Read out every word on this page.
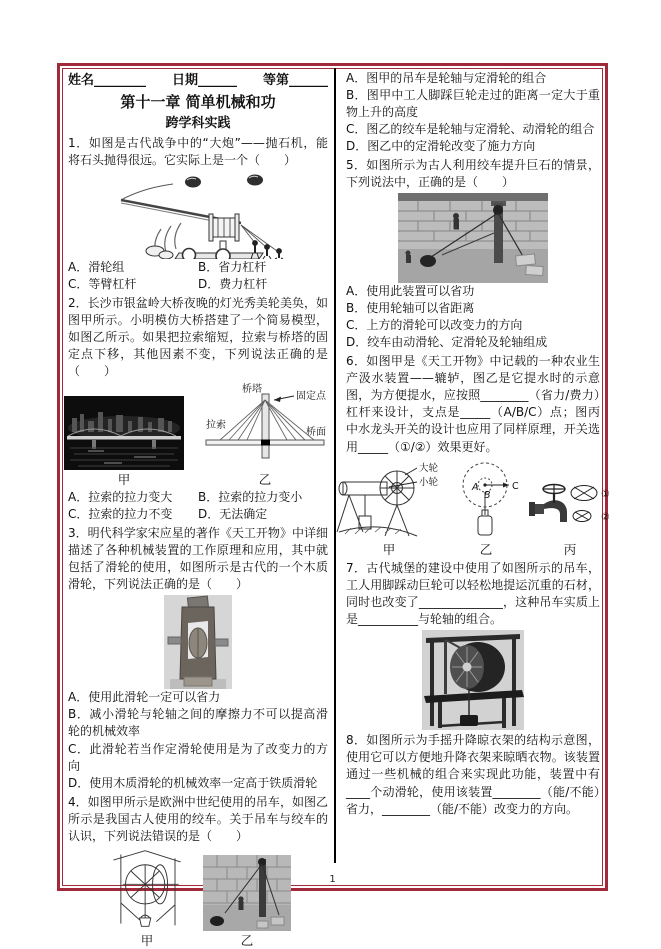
姓名________ 日期______ 等第______
第十一章 简单机械和功
跨学科实践
1．如图是古代战争中的“大炮”——抛石机，能将石头抛得很远。它实际上是一个（　　）
A．滑轮组	B．省力杠杆
C．等臂杠杆	D．费力杠杆
2．长沙市银盆岭大桥夜晚的灯光秀美轮美奂，如图甲所示。小明模仿大桥搭建了一个简易模型，如图乙所示。如果把拉索缩短，拉索与桥塔的固定点下移，其他因素不变，下列说法正确的是（　　）
甲
桥塔
固定点
拉索
桥面
乙
A．拉索的拉力变大	B．拉索的拉力变小
C．拉索的拉力不变	D．无法确定
3．明代科学家宋应星的著作《天工开物》中详细描述了各种机械装置的工作原理和应用，其中就包括了滑轮的使用，如图所示是古代的一个木质滑轮，下列说法正确的是（　　）
A．使用此滑轮一定可以省力
B．减小滑轮与轮轴之间的摩擦力不可以提高滑轮的机械效率
C．此滑轮若当作定滑轮使用是为了改变力的方向
D．使用木质滑轮的机械效率一定高于铁质滑轮
4．如图甲所示是欧洲中世纪使用的吊车，如图乙所示是我国古人使用的绞车。关于吊车与绞车的认识，下列说法错误的是（　　）
甲	乙
A．图甲的吊车是轮轴与定滑轮的组合
B．图甲中工人脚踩巨轮走过的距离一定大于重物上升的高度
C．图乙的绞车是轮轴与定滑轮、动滑轮的组合
D．图乙中的定滑轮改变了施力方向
5．如图所示为古人利用绞车提升巨石的情景，下列说法中，正确的是（　　）
A．使用此装置可以省功
B．使用轮轴可以省距离
C．上方的滑轮可以改变力的方向
D．绞车由动滑轮、定滑轮及轮轴组成
6．如图甲是《天工开物》中记载的一种农业生产汲水装置——辘轳，图乙是它提水时的示意图，为方便提水，应按照________（省力/费力）杠杆来设计，支点是_____（A/B/C）点；图丙中水龙头开关的设计也应用了同样原理，开关选用_____（①/②）效果更好。
大轮
小轮
甲
C
A
B
乙
①
②
丙
7．古代城堡的建设中使用了如图所示的吊车，工人用脚踩动巨轮可以轻松地提运沉重的石材，同时也改变了______________，这种吊车实质上是__________与轮轴的组合。
8．如图所示为手摇升降晾衣架的结构示意图，使用它可以方便地升降衣架来晾晒衣物。该装置通过一些机械的组合来实现此功能，装置中有____个动滑轮，使用该装置________（能/不能）省力，________（能/不能）改变力的方向。
1
